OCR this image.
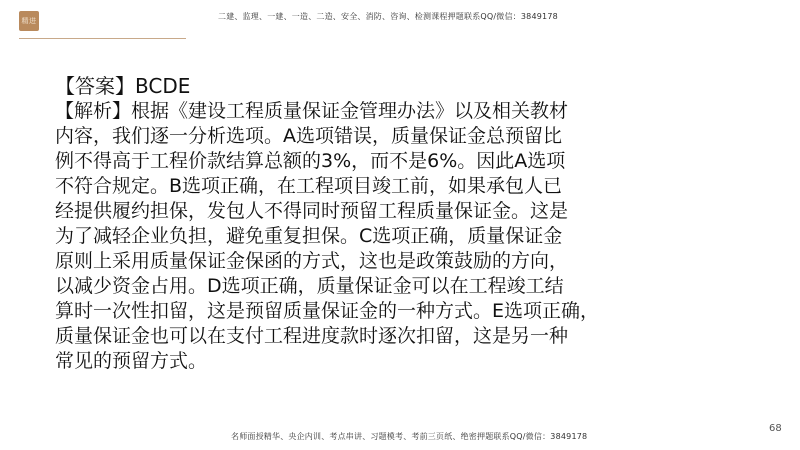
精进	二建、监理、一建、一造、二造、安全、消防、咨询、检测课程押题联系QQ/微信：3849178
【答案】BCDE
【解析】根据《建设工程质量保证金管理办法》以及相关教材
内容，我们逐一分析选项。A选项错误，质量保证金总预留比
例不得高于工程价款结算总额的3%，而不是6%。因此A选项
不符合规定。B选项正确，在工程项目竣工前，如果承包人已
经提供履约担保，发包人不得同时预留工程质量保证金。这是
为了减轻企业负担，避免重复担保。C选项正确，质量保证金
原则上采用质量保证金保函的方式，这也是政策鼓励的方向，
以减少资金占用。D选项正确，质量保证金可以在工程竣工结
算时一次性扣留，这是预留质量保证金的一种方式。E选项正确，
质量保证金也可以在支付工程进度款时逐次扣留，这是另一种
常见的预留方式。
68
名师面授精华、央企内训、考点串讲、习题模考、考前三页纸、绝密押题联系QQ/微信：3849178
